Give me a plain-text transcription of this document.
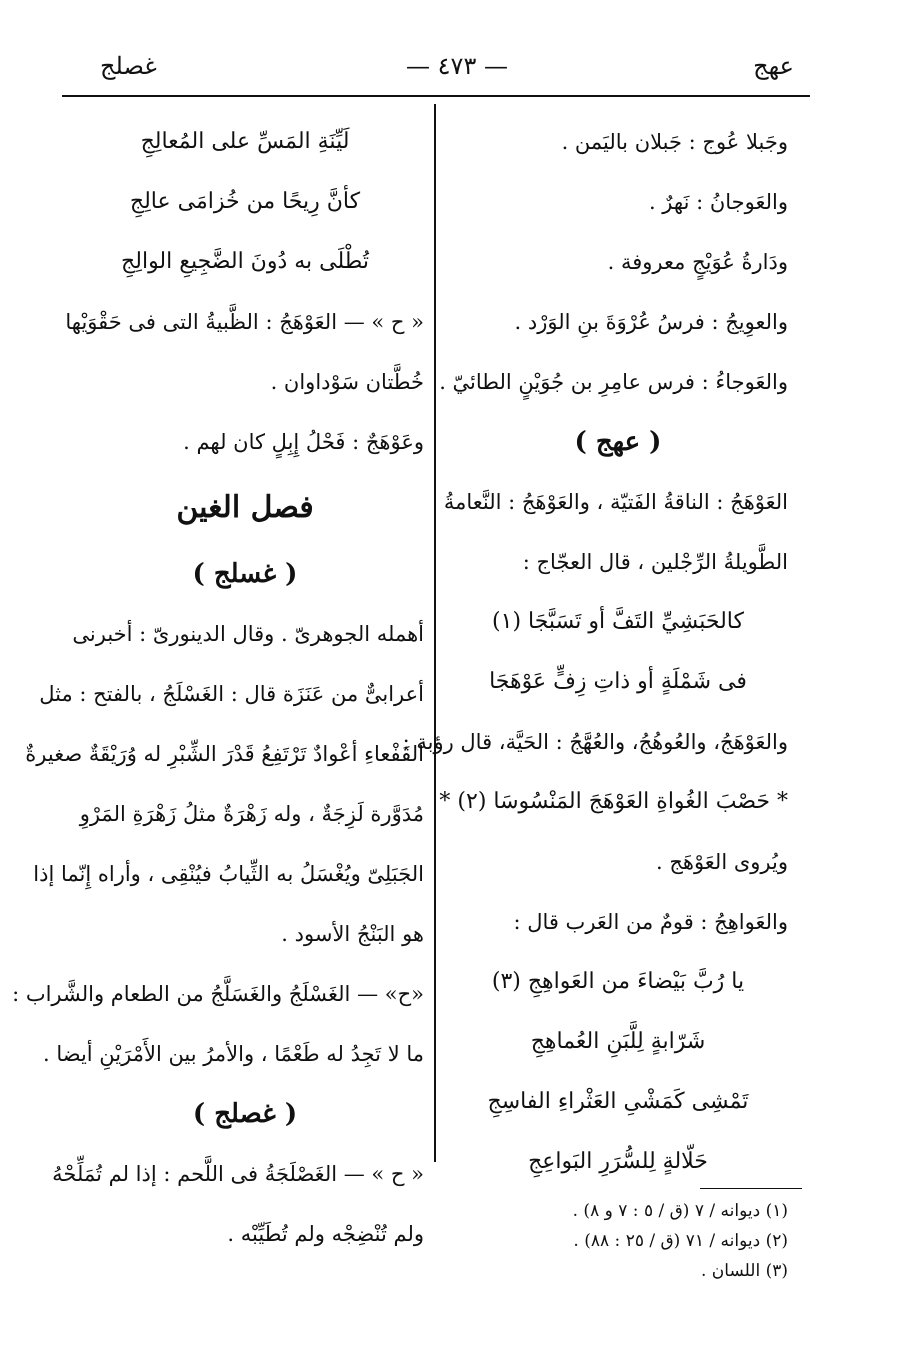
— ٤٧٣ —	عهج
غصلج
وجَبلا عُوج : جَبلان باليَمن .
والعَوجانُ : نَهرٌ .
ودَارةُ عُوَيْجٍ معروفة .
والعوِيجُ : فرسُ عُرْوَةَ بنِ الوَرْد .
والعَوجاءُ : فرس عامِرِ بن جُوَيْنٍ الطائيّ .
( عهج )
العَوْهَجُ : الناقةُ الفَتيّة ، والعَوْهَجُ : النَّعامةُ
الطَّويلةُ الرِّجْلين ، قال العجّاج :
كالحَبَشِيِّ التَفَّ أو تَسَبَّجَا (١)
فى شَمْلَةٍ أو ذاتِ زِفٍّ عَوْهَجَا
والعَوْهَجُ، والعُوهُجُ، والعُهَّجُ : الحَيَّة، قال رؤبة :
* حَصْبَ الغُواةِ العَوْهَجَ المَنْسُوسَا (٢) *
ويُروى العَوْهَج .
والعَواهِجُ : قومٌ من العَرب قال :
يا رُبَّ بَيْضاءَ من العَواهِجِ (٣)
شَرّابةٍ لِلَّبَنِ العُماهِجِ
تَمْشِى كَمَشْىِ العَثْراءِ الفاسِجِ
حَلّالةٍ لِلسُّرَرِ البَواعِجِ
لَيِّنَةِ المَسِّ على المُعالِجِ
كأنَّ رِيحًا من خُزامَى عالِجِ
تُطْلَى به دُونَ الضَّجِيعِ الوالِجِ
« ح » — العَوْهَجُ : الظَّبيةُ التى فى حَقْوَيْها
خُطَّتان سَوْداوان .
وعَوْهَجٌ : فَحْلُ إِبِلٍ كان لهم .
فصل الغين
( غسلج )
أهمله الجوهرىّ . وقال الدينورىّ : أخبرنى
أعرابىٌّ من عَنَزَة قال : الغَسْلَجُ ، بالفتح : مثل
القَفْعاءِ أعْوادٌ تَرْتَفِعُ قَدْرَ الشِّبْرِ له وُرَيْقَةٌ صغيرةٌ
مُدَوَّرة لَزِجَةٌ ، وله زَهْرَةٌ مثلُ زَهْرَةِ المَرْوِ
الجَبَلِىّ ويُغْسَلُ به الثِّيابُ فيُنْقِى ، وأراه إِنّما إذا
هو البَنْجُ الأسود .
«ح» — الغَسْلَجُ والغَسَلَّجُ من الطعام والشَّراب :
ما لا تَجِدُ له طَعْمًا ، والأمرُ بين الأَمْرَيْنِ أيضا .
( غصلج )
« ح » — الغَصْلَجَةُ فى اللَّحم : إذا لم تُمَلِّحْهُ
ولم تُنْضِجْه ولم تُطَيِّبْه .
(١) ديوانه / ٧ (ق / ٥ : ٧ و ٨) .
(٢) ديوانه / ٧١ (ق / ٢٥ : ٨٨) .
(٣) اللسان .
